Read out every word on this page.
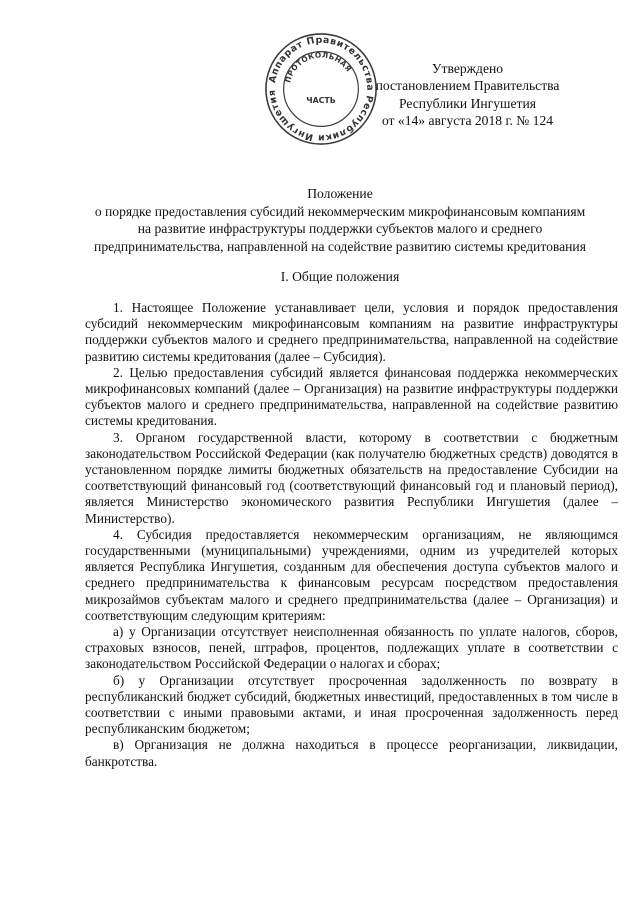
Аппарат Правительства Республики Ингушетия
ПРОТОКОЛЬНАЯ
ЧАСТЬ
Утверждено
постановлением Правительства
Республики Ингушетия
от «14» августа 2018 г. № 124
Положение
о порядке предоставления субсидий некоммерческим микрофинансовым компаниям
на развитие инфраструктуры поддержки субъектов малого и среднего
предпринимательства, направленной на содействие развитию системы кредитования
I. Общие положения

1. Настоящее Положение устанавливает цели, условия и порядок предоставления субсидий некоммерческим микрофинансовым компаниям на развитие инфраструктуры поддержки субъектов малого и среднего предпринимательства, направленной на содействие развитию системы кредитования (далее – Субсидия).

2. Целью предоставления субсидий является финансовая поддержка некоммерческих микрофинансовых компаний (далее – Организация) на развитие инфраструктуры поддержки субъектов малого и среднего предпринимательства, направленной на содействие развитию системы кредитования.

3. Органом государственной власти, которому в соответствии с бюджетным законодательством Российской Федерации (как получателю бюджетных средств) доводятся в установленном порядке лимиты бюджетных обязательств на предоставление Субсидии на соответствующий финансовый год (соответствующий финансовый год и плановый период), является Министерство экономического развития Республики Ингушетия (далее – Министерство).

4. Субсидия предоставляется некоммерческим организациям, не являющимся государственными (муниципальными) учреждениями, одним из учредителей которых является Республика Ингушетия, созданным для обеспечения доступа субъектов малого и среднего предпринимательства к финансовым ресурсам посредством предоставления микрозаймов субъектам малого и среднего предпринимательства (далее – Организация) и соответствующим следующим критериям:

а) у Организации отсутствует неисполненная обязанность по уплате налогов, сборов, страховых взносов, пеней, штрафов, процентов, подлежащих уплате в соответствии с законодательством Российской Федерации о налогах и сборах;

б) у Организации отсутствует просроченная задолженность по возврату в республиканский бюджет субсидий, бюджетных инвестиций, предоставленных в том числе в соответствии с иными правовыми актами, и иная просроченная задолженность перед республиканским бюджетом;

в) Организация не должна находиться в процессе реорганизации, ликвидации, банкротства.
